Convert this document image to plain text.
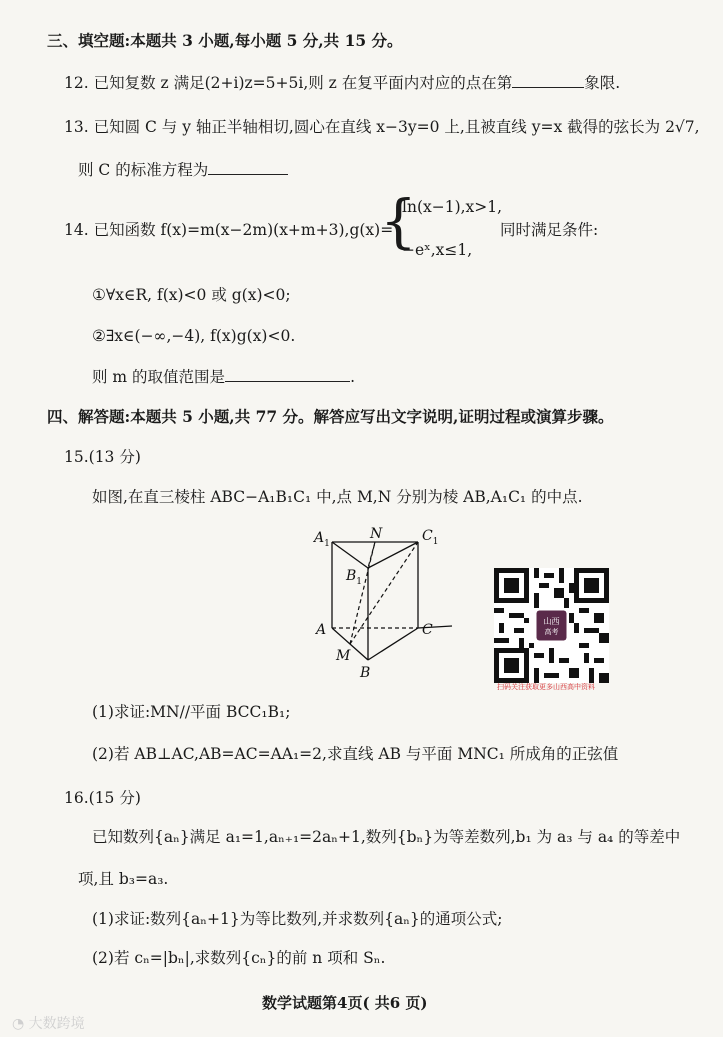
三、填空题:本题共 3 小题,每小题 5 分,共 15 分。
12. 已知复数 z 满足(2+i)z=5+5i,则 z 在复平面内对应的点在第	象限.
13. 已知圆 C 与 y 轴正半轴相切,圆心在直线 x−3y=0 上,且被直线 y=x 截得的弦长为 2√7,
则 C 的标准方程为
14. 已知函数 f(x)=m(x−2m)(x+m+3),g(x)=
{
ln(x−1),x>1,
−eˣ,x≤1,
同时满足条件:
①∀x∈R, f(x)<0 或 g(x)<0;
②∃x∈(−∞,−4), f(x)g(x)<0.
则 m 的取值范围是	.
四、解答题:本题共 5 小题,共 77 分。解答应写出文字说明,证明过程或演算步骤。
15.(13 分)
如图,在直三棱柱 ABC−A₁B₁C₁ 中,点 M,N 分别为棱 AB,A₁C₁ 的中点.
$A_1$
N	$C_1$
$B_1$
A	C
M
B
山西
高考
扫码关注获取更多山西高中资料
(1)求证:MN//平面 BCC₁B₁;
(2)若 AB⊥AC,AB=AC=AA₁=2,求直线 AB 与平面 MNC₁ 所成角的正弦值
16.(15 分)
已知数列{aₙ}满足 a₁=1,aₙ₊₁=2aₙ+1,数列{bₙ}为等差数列,b₁ 为 a₃ 与 a₄ 的等差中
项,且 b₃=a₃.
(1)求证:数列{aₙ+1}为等比数列,并求数列{aₙ}的通项公式;
(2)若 cₙ=|bₙ|,求数列{cₙ}的前 n 项和 Sₙ.
数学试题第4页( 共6 页)
◔ 大数跨境
